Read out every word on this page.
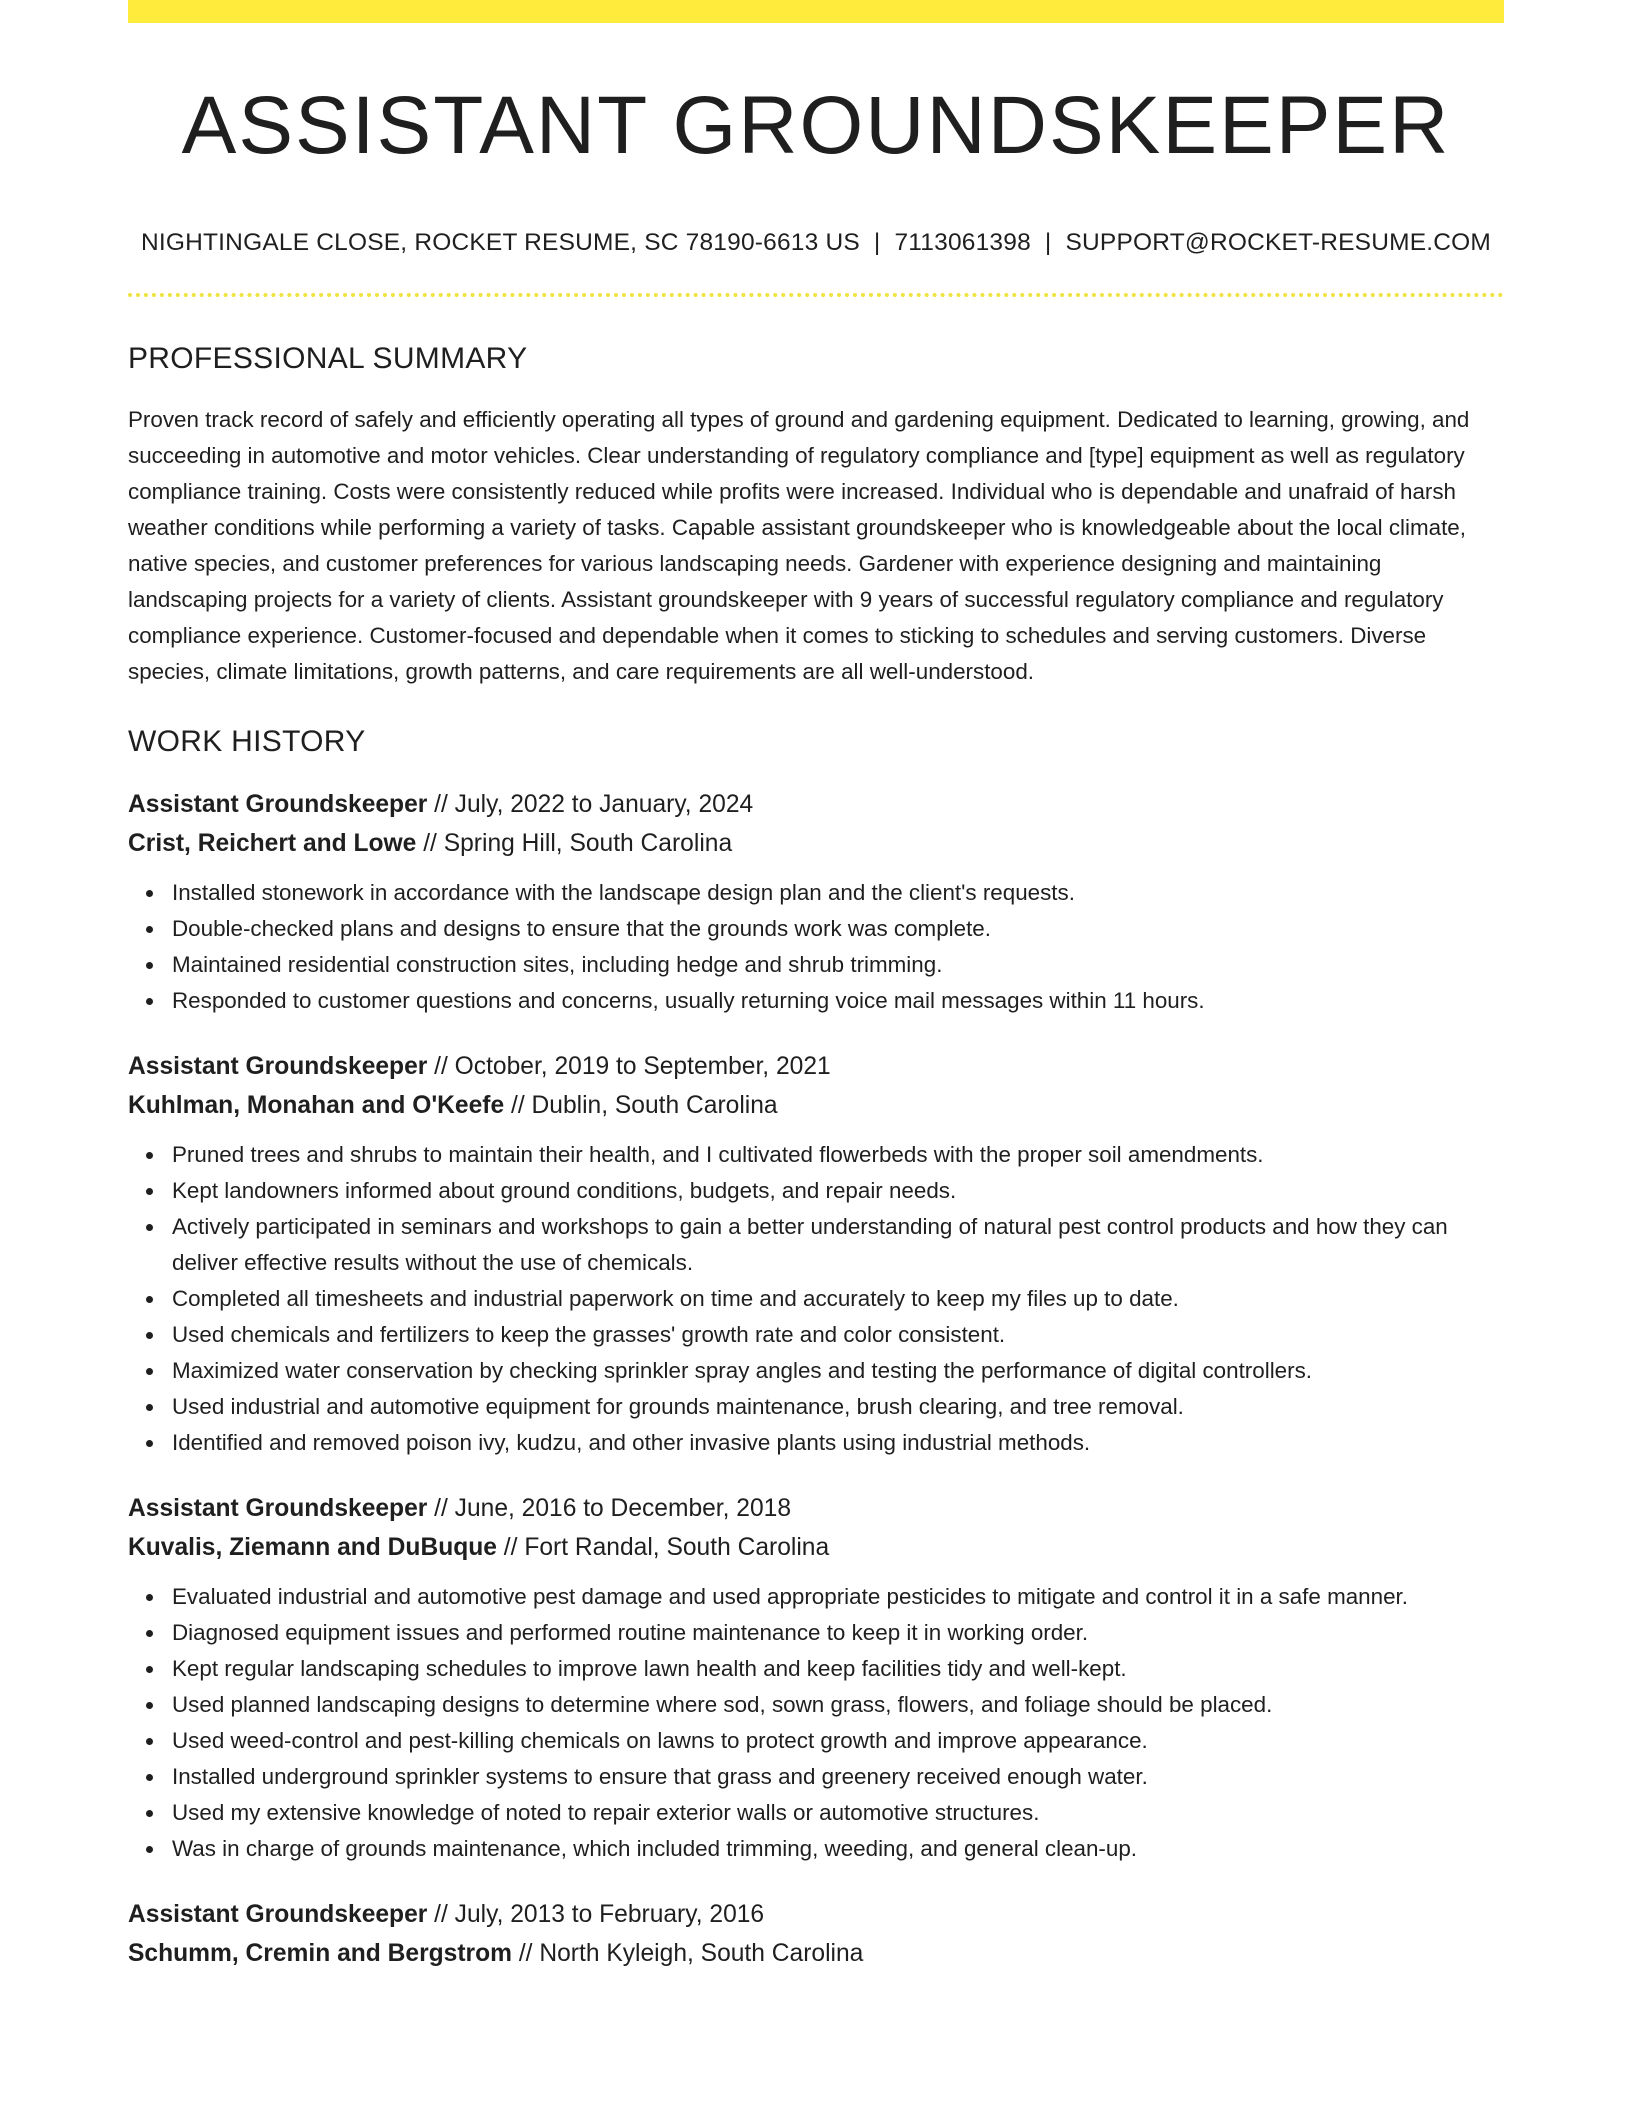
ASSISTANT GROUNDSKEEPER
NIGHTINGALE CLOSE, ROCKET RESUME, SC 78190-6613 US | 7113061398 | SUPPORT@ROCKET-RESUME.COM
PROFESSIONAL SUMMARY

Proven track record of safely and efficiently operating all types of ground and gardening equipment. Dedicated to learning, growing, and succeeding in automotive and motor vehicles. Clear understanding of regulatory compliance and [type] equipment as well as regulatory compliance training. Costs were consistently reduced while profits were increased. Individual who is dependable and unafraid of harsh weather conditions while performing a variety of tasks. Capable assistant groundskeeper who is knowledgeable about the local climate, native species, and customer preferences for various landscaping needs. Gardener with experience designing and maintaining landscaping projects for a variety of clients. Assistant groundskeeper with 9 years of successful regulatory compliance and regulatory compliance experience. Customer-focused and dependable when it comes to sticking to schedules and serving customers. Diverse species, climate limitations, growth patterns, and care requirements are all well-understood.

WORK HISTORY
Assistant Groundskeeper // July, 2022 to January, 2024
Crist, Reichert and Lowe // Spring Hill, South Carolina
Installed stonework in accordance with the landscape design plan and the client's requests.
Double-checked plans and designs to ensure that the grounds work was complete.
Maintained residential construction sites, including hedge and shrub trimming.
Responded to customer questions and concerns, usually returning voice mail messages within 11 hours.
Assistant Groundskeeper // October, 2019 to September, 2021
Kuhlman, Monahan and O'Keefe // Dublin, South Carolina
Pruned trees and shrubs to maintain their health, and I cultivated flowerbeds with the proper soil amendments.
Kept landowners informed about ground conditions, budgets, and repair needs.
Actively participated in seminars and workshops to gain a better understanding of natural pest control products and how they can deliver effective results without the use of chemicals.
Completed all timesheets and industrial paperwork on time and accurately to keep my files up to date.
Used chemicals and fertilizers to keep the grasses' growth rate and color consistent.
Maximized water conservation by checking sprinkler spray angles and testing the performance of digital controllers.
Used industrial and automotive equipment for grounds maintenance, brush clearing, and tree removal.
Identified and removed poison ivy, kudzu, and other invasive plants using industrial methods.
Assistant Groundskeeper // June, 2016 to December, 2018
Kuvalis, Ziemann and DuBuque // Fort Randal, South Carolina
Evaluated industrial and automotive pest damage and used appropriate pesticides to mitigate and control it in a safe manner.
Diagnosed equipment issues and performed routine maintenance to keep it in working order.
Kept regular landscaping schedules to improve lawn health and keep facilities tidy and well-kept.
Used planned landscaping designs to determine where sod, sown grass, flowers, and foliage should be placed.
Used weed-control and pest-killing chemicals on lawns to protect growth and improve appearance.
Installed underground sprinkler systems to ensure that grass and greenery received enough water.
Used my extensive knowledge of noted to repair exterior walls or automotive structures.
Was in charge of grounds maintenance, which included trimming, weeding, and general clean-up.
Assistant Groundskeeper // July, 2013 to February, 2016
Schumm, Cremin and Bergstrom // North Kyleigh, South Carolina
